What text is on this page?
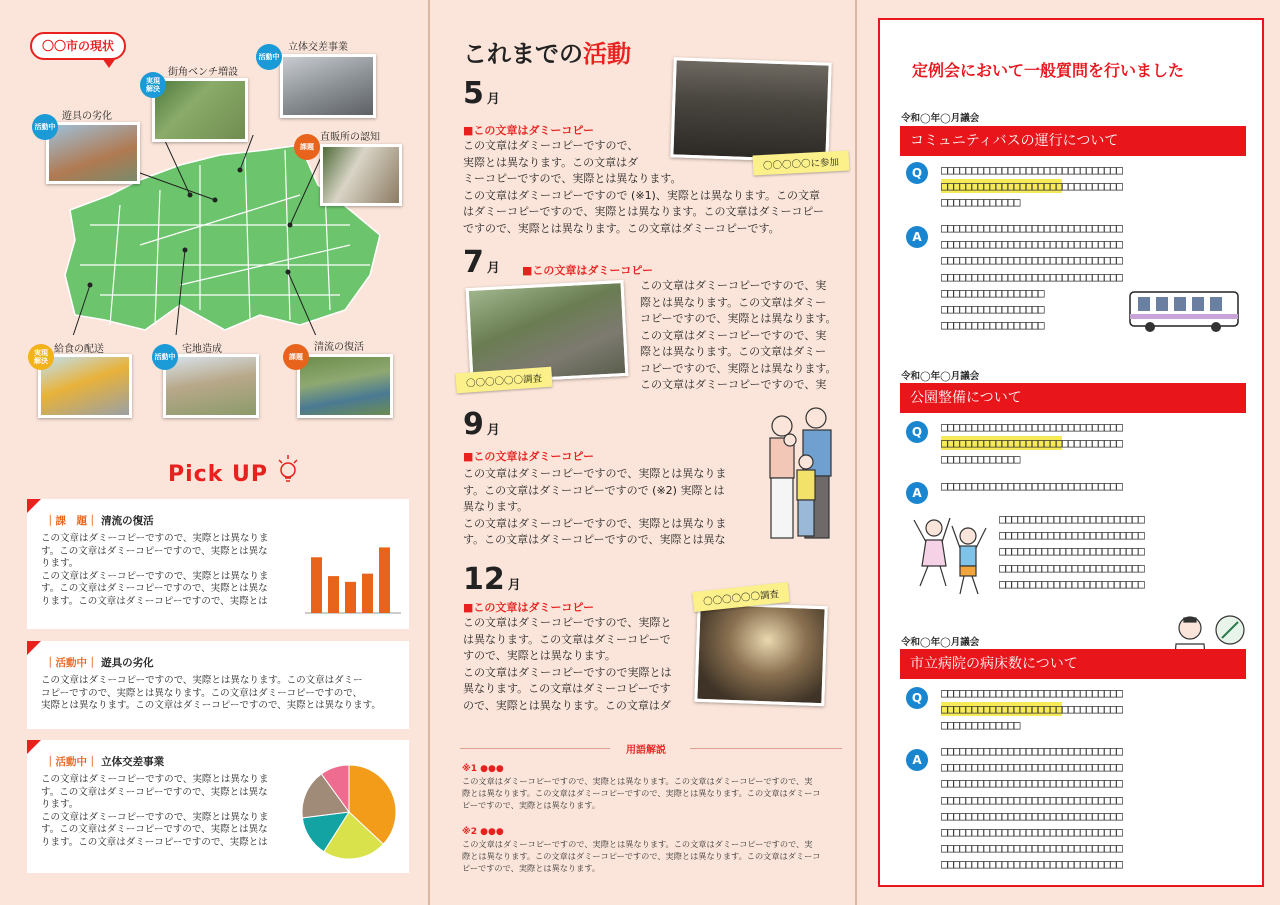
〇〇市の現状
街角ベンチ増設
実現
解決
立体交差事業
活動中
遊具の劣化
活動中
直販所の認知
課題
給食の配送
実現
解決
宅地造成
活動中
清流の復活
課題
Pick UP
｜課　題｜ 清流の復活
この文章はダミーコピーですので、実際とは異なりま
す。この文章はダミーコピーですので、実際とは異な
ります。
この文章はダミーコピーですので、実際とは異なりま
す。この文章はダミーコピーですので、実際とは異な
ります。この文章はダミーコピーですので、実際とは
｜活動中｜ 遊具の劣化
この文章はダミーコピーですので、実際とは異なります。この文章はダミー
コピーですので、実際とは異なります。この文章はダミーコピーですので、
実際とは異なります。この文章はダミーコピーですので、実際とは異なります。
｜活動中｜ 立体交差事業
この文章はダミーコピーですので、実際とは異なりま
す。この文章はダミーコピーですので、実際とは異な
ります。
この文章はダミーコピーですので、実際とは異なりま
す。この文章はダミーコピーですので、実際とは異な
ります。この文章はダミーコピーですので、実際とは
これまでの活動
5 月
■この文章はダミーコピー
この文章はダミーコピーですので、
実際とは異なります。この文章はダ
ミーコピーですので、実際とは異なります。
この文章はダミーコピーですので (※1)、実際とは異なります。この文章
はダミーコピーですので、実際とは異なります。この文章はダミーコピー
ですので、実際とは異なります。この文章はダミーコピーです。
〇〇〇〇〇に参加
7 月 ■この文章はダミーコピー
この文章はダミーコピーですので、実
際とは異なります。この文章はダミー
コピーですので、実際とは異なります。
この文章はダミーコピーですので、実
際とは異なります。この文章はダミー
コピーですので、実際とは異なります。
この文章はダミーコピーですので、実
〇〇〇〇〇〇調査
9 月
■この文章はダミーコピー
この文章はダミーコピーですので、実際とは異なりま
す。この文章はダミーコピーですので (※2) 実際とは
異なります。
この文章はダミーコピーですので、実際とは異なりま
す。この文章はダミーコピーですので、実際とは異な
12 月
■この文章はダミーコピー
この文章はダミーコピーですので、実際と
は異なります。この文章はダミーコピーで
すので、実際とは異なります。
この文章はダミーコピーですので実際とは
異なります。この文章はダミーコピーです
ので、実際とは異なります。この文章はダ
〇〇〇〇〇〇調査
用語解説
※1 ●●●
この文章はダミーコピーですので、実際とは異なります。この文章はダミーコピーですので、実
際とは異なります。この文章はダミーコピーですので、実際とは異なります。この文章はダミーコ
ピーですので、実際とは異なります。
※2 ●●●
この文章はダミーコピーですので、実際とは異なります。この文章はダミーコピーですので、実
際とは異なります。この文章はダミーコピーですので、実際とは異なります。この文章はダミーコ
ピーですので、実際とは異なります。
定例会において一般質問を行いました
令和◯年◯月議会
コミュニティバスの運行について
Q	□□□□□□□□□□□□□□□□□□□□□□□□□□□□□□
□□□□□□□□□□□□□□□□□□□□□□□□□□□□□□
□□□□□□□□□□□□□
A
□□□□□□□□□□□□□□□□□□□□□□□□□□□□□□
□□□□□□□□□□□□□□□□□□□□□□□□□□□□□□
□□□□□□□□□□□□□□□□□□□□□□□□□□□□□□
□□□□□□□□□□□□□□□□□□□□□□□□□□□□□□
□□□□□□□□□□□□□□□□□
□□□□□□□□□□□□□□□□□
□□□□□□□□□□□□□□□□□
令和◯年◯月議会
公園整備について
Q	□□□□□□□□□□□□□□□□□□□□□□□□□□□□□□
□□□□□□□□□□□□□□□□□□□□□□□□□□□□□□
□□□□□□□□□□□□□
A	□□□□□□□□□□□□□□□□□□□□□□□□□□□□□□
□□□□□□□□□□□□□□□□□□□□□□□□
□□□□□□□□□□□□□□□□□□□□□□□□
□□□□□□□□□□□□□□□□□□□□□□□□
□□□□□□□□□□□□□□□□□□□□□□□□
□□□□□□□□□□□□□□□□□□□□□□□□
令和◯年◯月議会
市立病院の病床数について
Q	□□□□□□□□□□□□□□□□□□□□□□□□□□□□□□
□□□□□□□□□□□□□□□□□□□□□□□□□□□□□□
□□□□□□□□□□□□□
A
□□□□□□□□□□□□□□□□□□□□□□□□□□□□□□
□□□□□□□□□□□□□□□□□□□□□□□□□□□□□□
□□□□□□□□□□□□□□□□□□□□□□□□□□□□□□
□□□□□□□□□□□□□□□□□□□□□□□□□□□□□□
□□□□□□□□□□□□□□□□□□□□□□□□□□□□□□
□□□□□□□□□□□□□□□□□□□□□□□□□□□□□□
□□□□□□□□□□□□□□□□□□□□□□□□□□□□□□
□□□□□□□□□□□□□□□□□□□□□□□□□□□□□□
